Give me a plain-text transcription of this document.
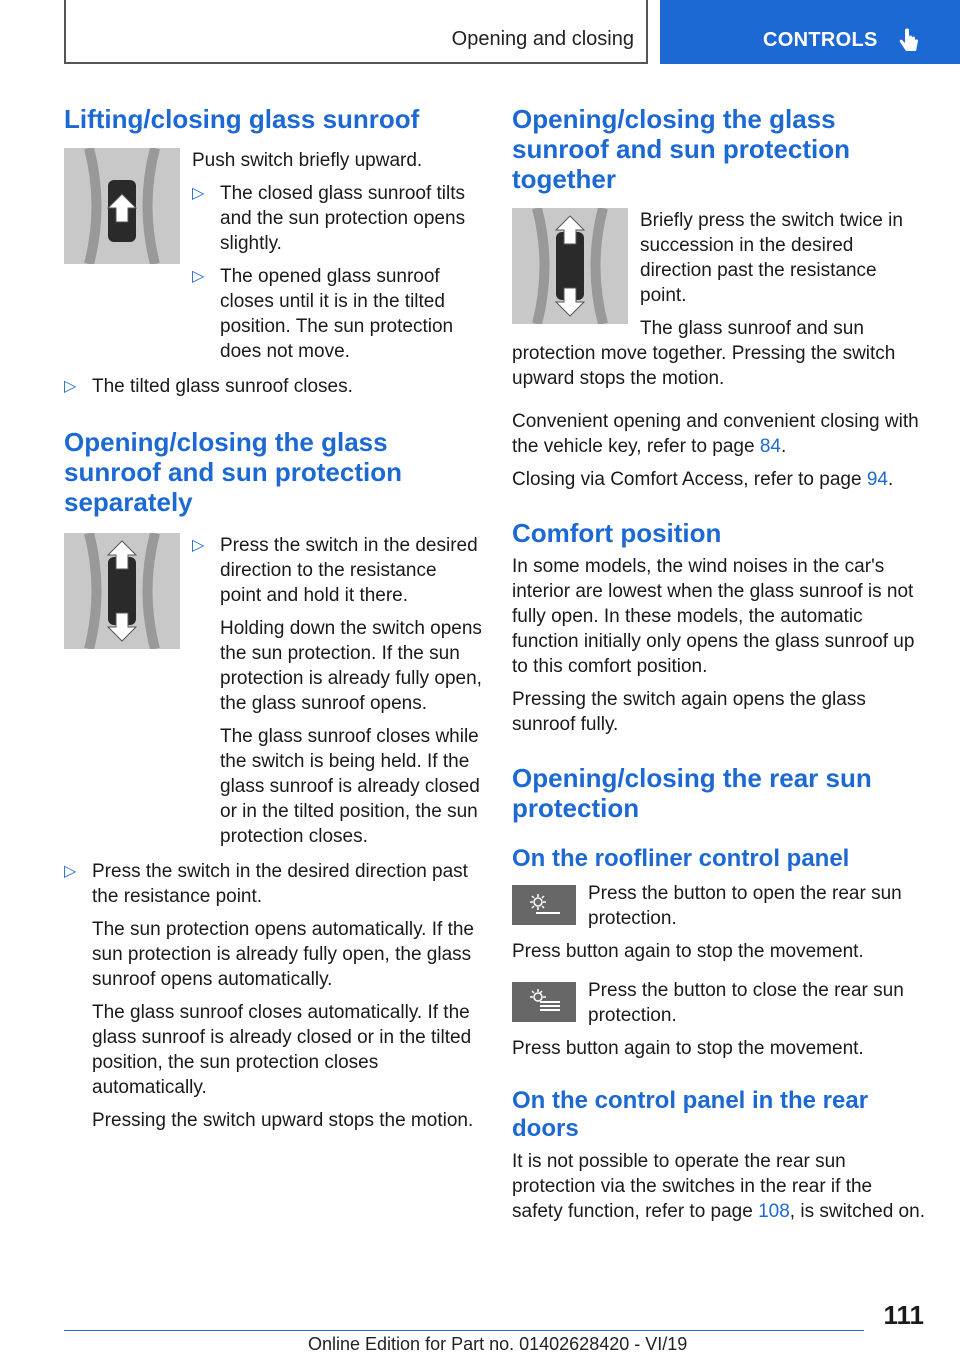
Opening and closing	CONTROLS
Lifting/closing glass sunroof

Push switch briefly upward.

▷ The closed glass sunroof tilts and the sun protection opens slightly.

▷ The opened glass sunroof closes until it is in the tilted position. The sun protection does not move.

▷ The tilted glass sunroof closes.

Opening/closing the glass sunroof and sun protection separately
▷ Press the switch in the desired direction to the resistance point and hold it there.

Holding down the switch opens the sun protection. If the sun protection is already fully open, the glass sunroof opens.

The glass sunroof closes while the switch is being held. If the glass sunroof is already closed or in the tilted position, the sun protection closes.

▷ Press the switch in the desired direction past the resistance point.

The sun protection opens automatically. If the sun protection is already fully open, the glass sunroof opens automatically.

The glass sunroof closes automatically. If the glass sunroof is already closed or in the tilted position, the sun protection closes automatically.

Pressing the switch upward stops the motion.

Opening/closing the glass sunroof and sun protection together

Briefly press the switch twice in succession in the desired direction past the resistance point.

The glass sunroof and sun protection move together. Pressing the switch upward stops the motion.

Convenient opening and convenient closing with the vehicle key, refer to page 84.

Closing via Comfort Access, refer to page 94.

Comfort position

In some models, the wind noises in the car's interior are lowest when the glass sunroof is not fully open. In these models, the automatic function initially only opens the glass sunroof up to this comfort position.

Pressing the switch again opens the glass sunroof fully.

Opening/closing the rear sun protection
On the roofliner control panel

Press the button to open the rear sun protection.

Press button again to stop the movement.

Press the button to close the rear sun protection.

Press button again to stop the movement.

On the control panel in the rear doors

It is not possible to operate the rear sun protection via the switches in the rear if the safety function, refer to page 108, is switched on.

111
Online Edition for Part no. 01402628420 - VI/19
